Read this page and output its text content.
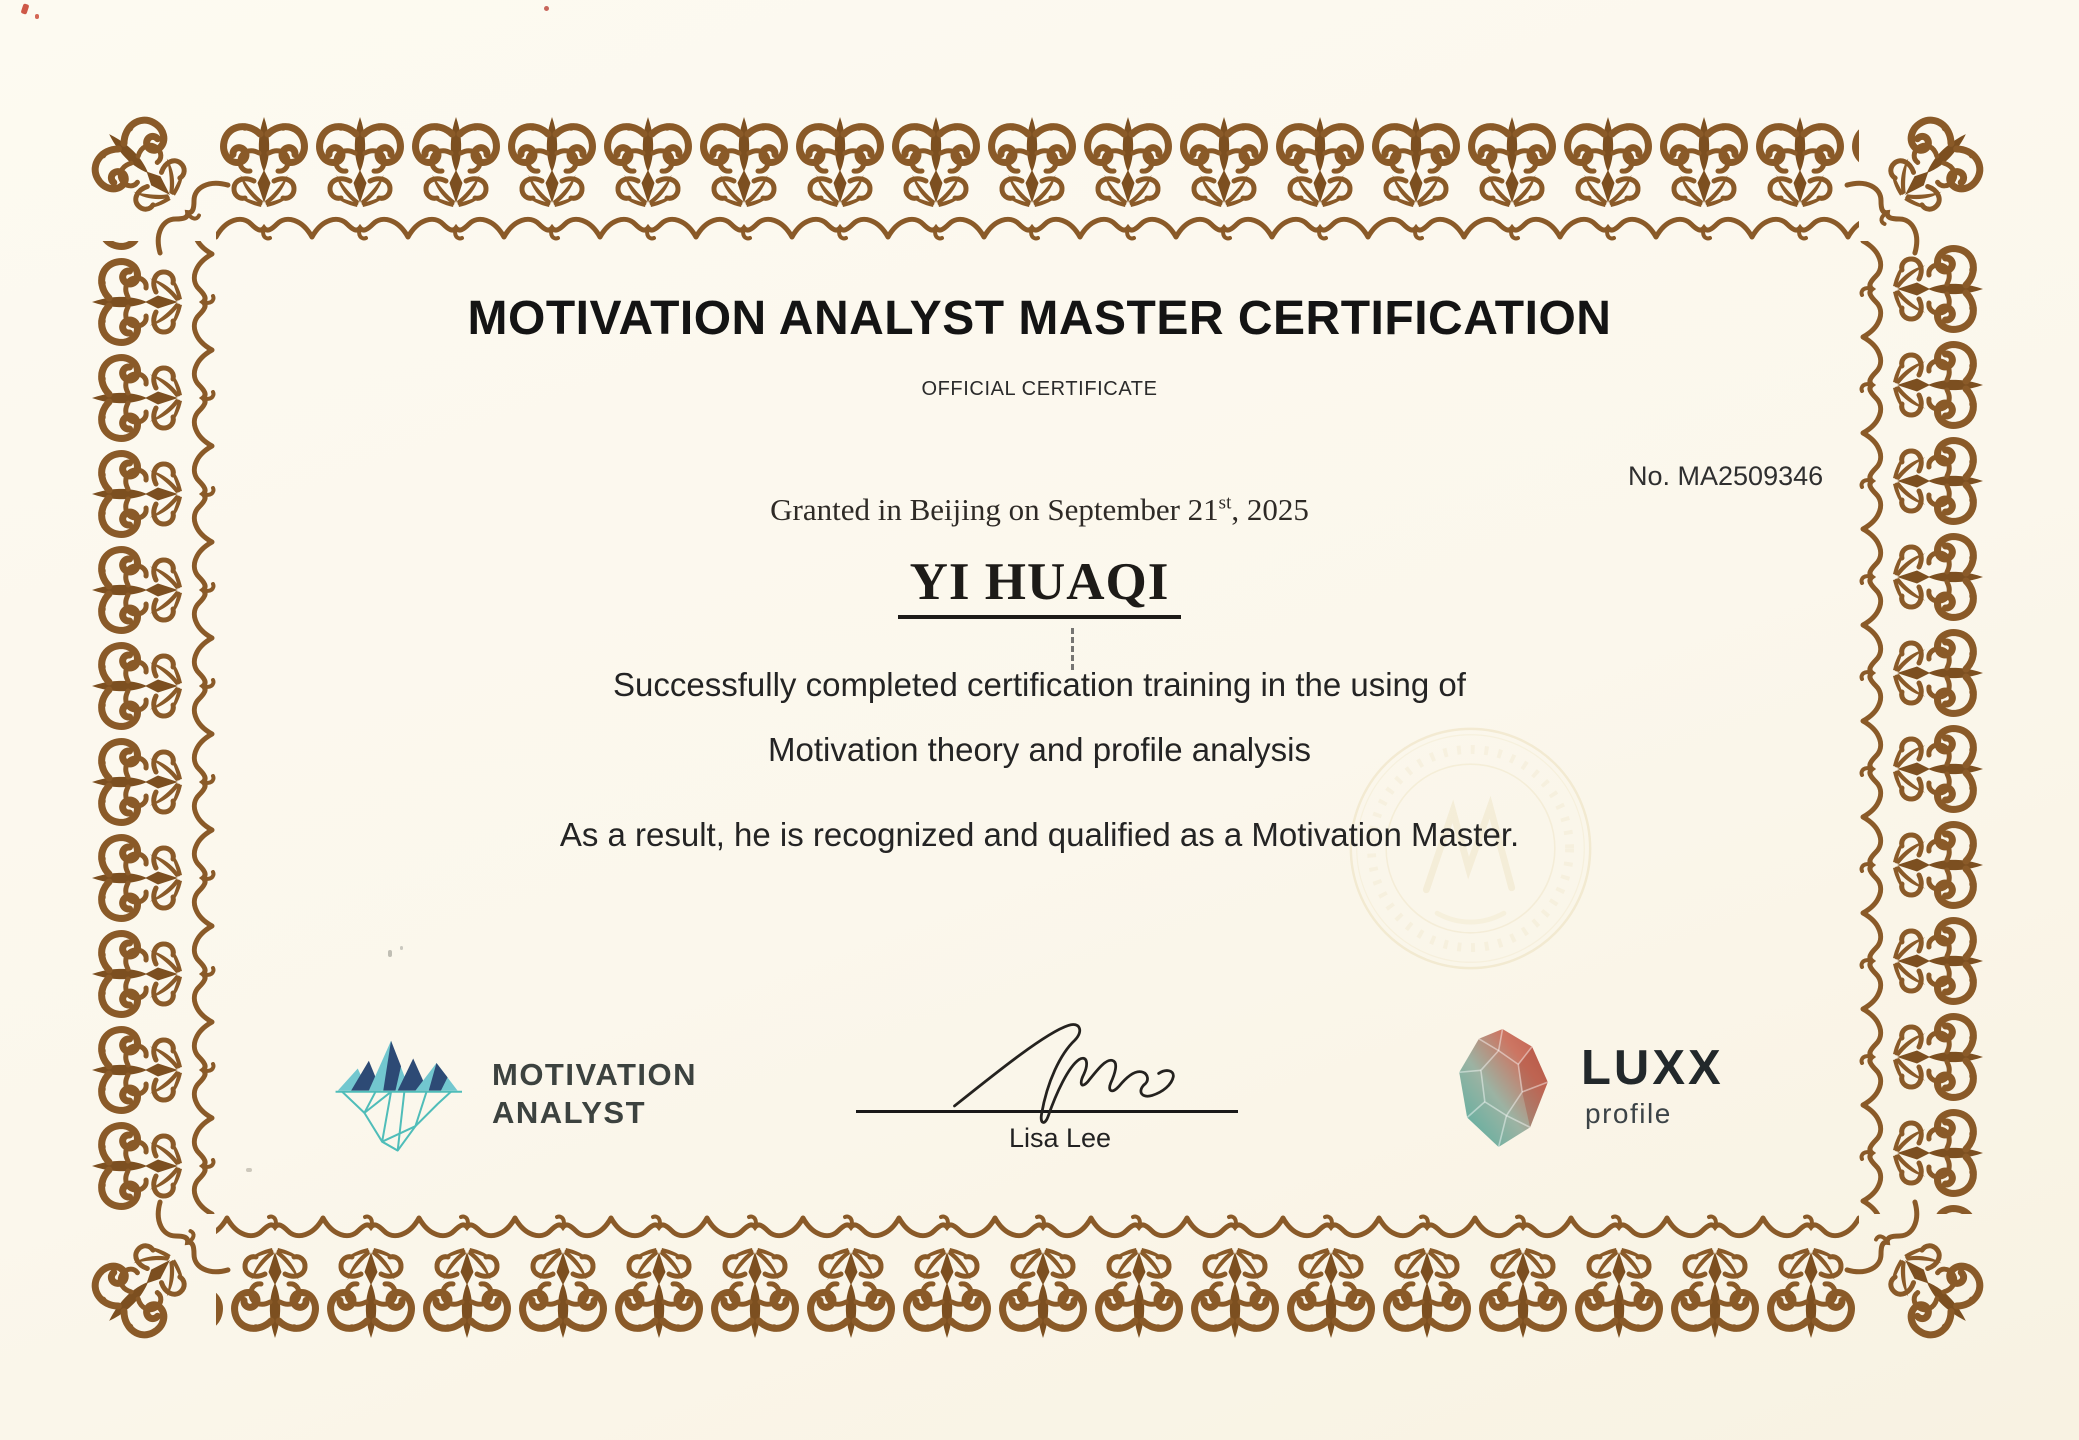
MOTIVATION ANALYST MASTER CERTIFICATION
OFFICIAL CERTIFICATE
No. MA2509346
Granted in Beijing on September 21st, 2025
YI HUAQI

Successfully completed certification training in the using of

Motivation theory and profile analysis

As a result, he is recognized and qualified as a Motivation Master.

MOTIVATION
ANALYST
Lisa Lee
LUXX
profile
